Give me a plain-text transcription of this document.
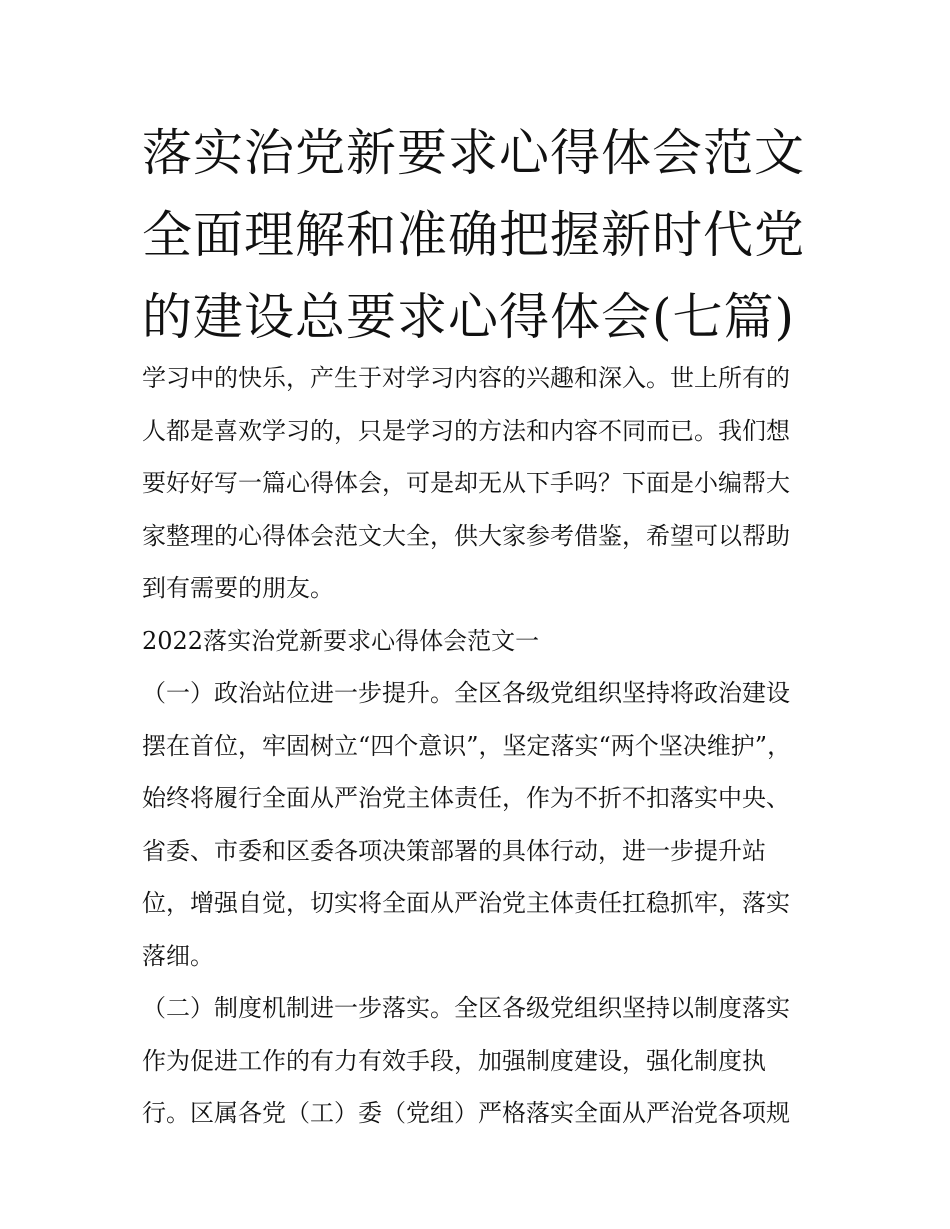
落实治党新要求心得体会范文
全面理解和准确把握新时代党
的建设总要求心得体会(七篇)
学习中的快乐，产生于对学习内容的兴趣和深入。世上所有的
人都是喜欢学习的，只是学习的方法和内容不同而已。我们想
要好好写一篇心得体会，可是却无从下手吗？下面是小编帮大
家整理的心得体会范文大全，供大家参考借鉴，希望可以帮助
到有需要的朋友。
2022落实治党新要求心得体会范文一
（一）政治站位进一步提升。全区各级党组织坚持将政治建设
摆在首位，牢固树立“四个意识”，坚定落实“两个坚决维护”，
始终将履行全面从严治党主体责任，作为不折不扣落实中央、
省委、市委和区委各项决策部署的具体行动，进一步提升站
位，增强自觉，切实将全面从严治党主体责任扛稳抓牢，落实
落细。
（二）制度机制进一步落实。全区各级党组织坚持以制度落实
作为促进工作的有力有效手段，加强制度建设，强化制度执
行。区属各党（工）委（党组）严格落实全面从严治党各项规
